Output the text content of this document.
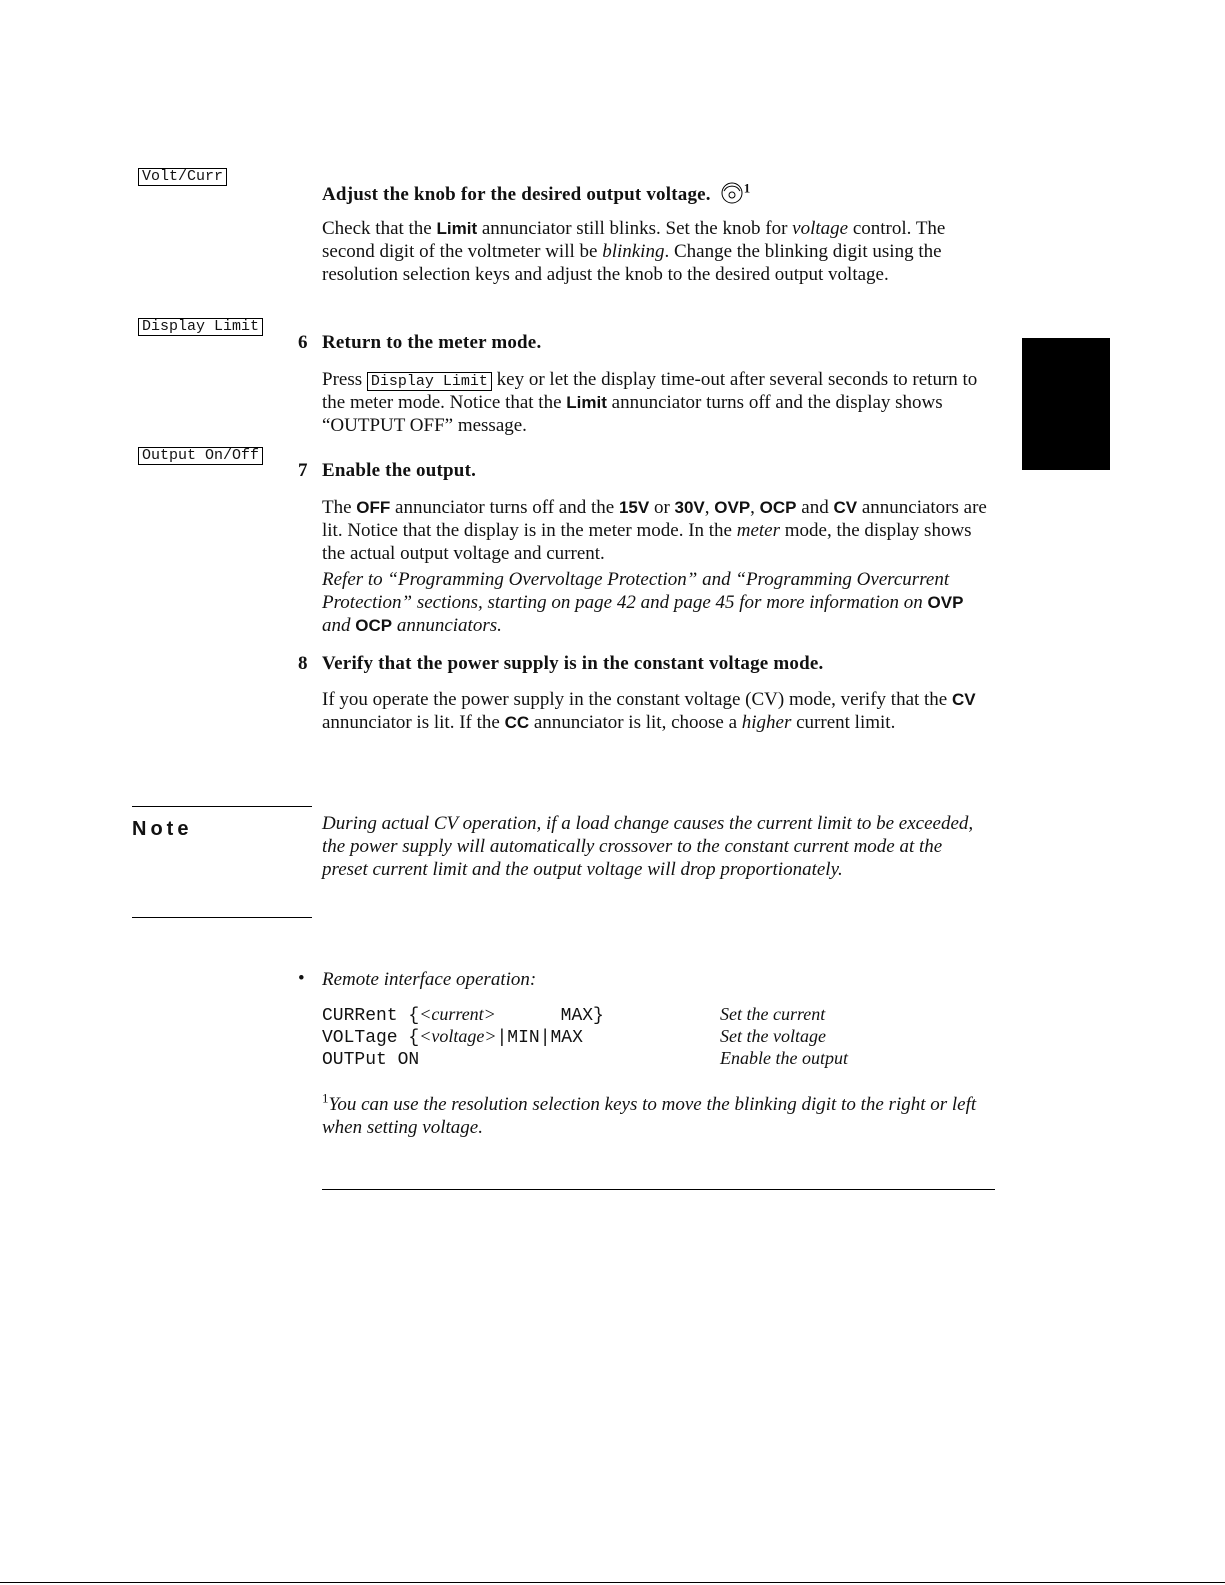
Volt/Curr
Display Limit
Output On/Off
Adjust the knob for the desired output voltage.	$^1$
Check that the Limit annunciator still blinks. Set the knob for voltage control. The second digit of the voltmeter will be blinking. Change the blinking digit using the resolution selection keys and adjust the knob to the desired output voltage.
6 Return to the meter mode.
Press Display Limit key or let the display time-out after several seconds to return to the meter mode. Notice that the Limit annunciator turns off and the display shows “OUTPUT OFF” message.
7 Enable the output.
The OFF annunciator turns off and the 15V or 30V, OVP, OCP and CV annunciators are lit. Notice that the display is in the meter mode. In the meter mode, the display shows the actual output voltage and current.
Refer to “Programming Overvoltage Protection” and “Programming Overcurrent Protection” sections, starting on page 42 and page 45 for more information on OVP and OCP annunciators.
8 Verify that the power supply is in the constant voltage mode.
If you operate the power supply in the constant voltage (CV) mode, verify that the CV annunciator is lit. If the CC annunciator is lit, choose a higher current limit.
Note	During actual CV operation, if a load change causes the current limit to be exceeded, the power supply will automatically crossover to the constant current mode at the preset current limit and the output voltage will drop proportionately.
• Remote interface operation:
CURRent {<current>      MAX}	Set the current
VOLTage {<voltage>|MIN|MAX	Set the voltage
OUTPut ON	Enable the output
$^1$You can use the resolution selection keys to move the blinking digit to the right or left when setting voltage.
